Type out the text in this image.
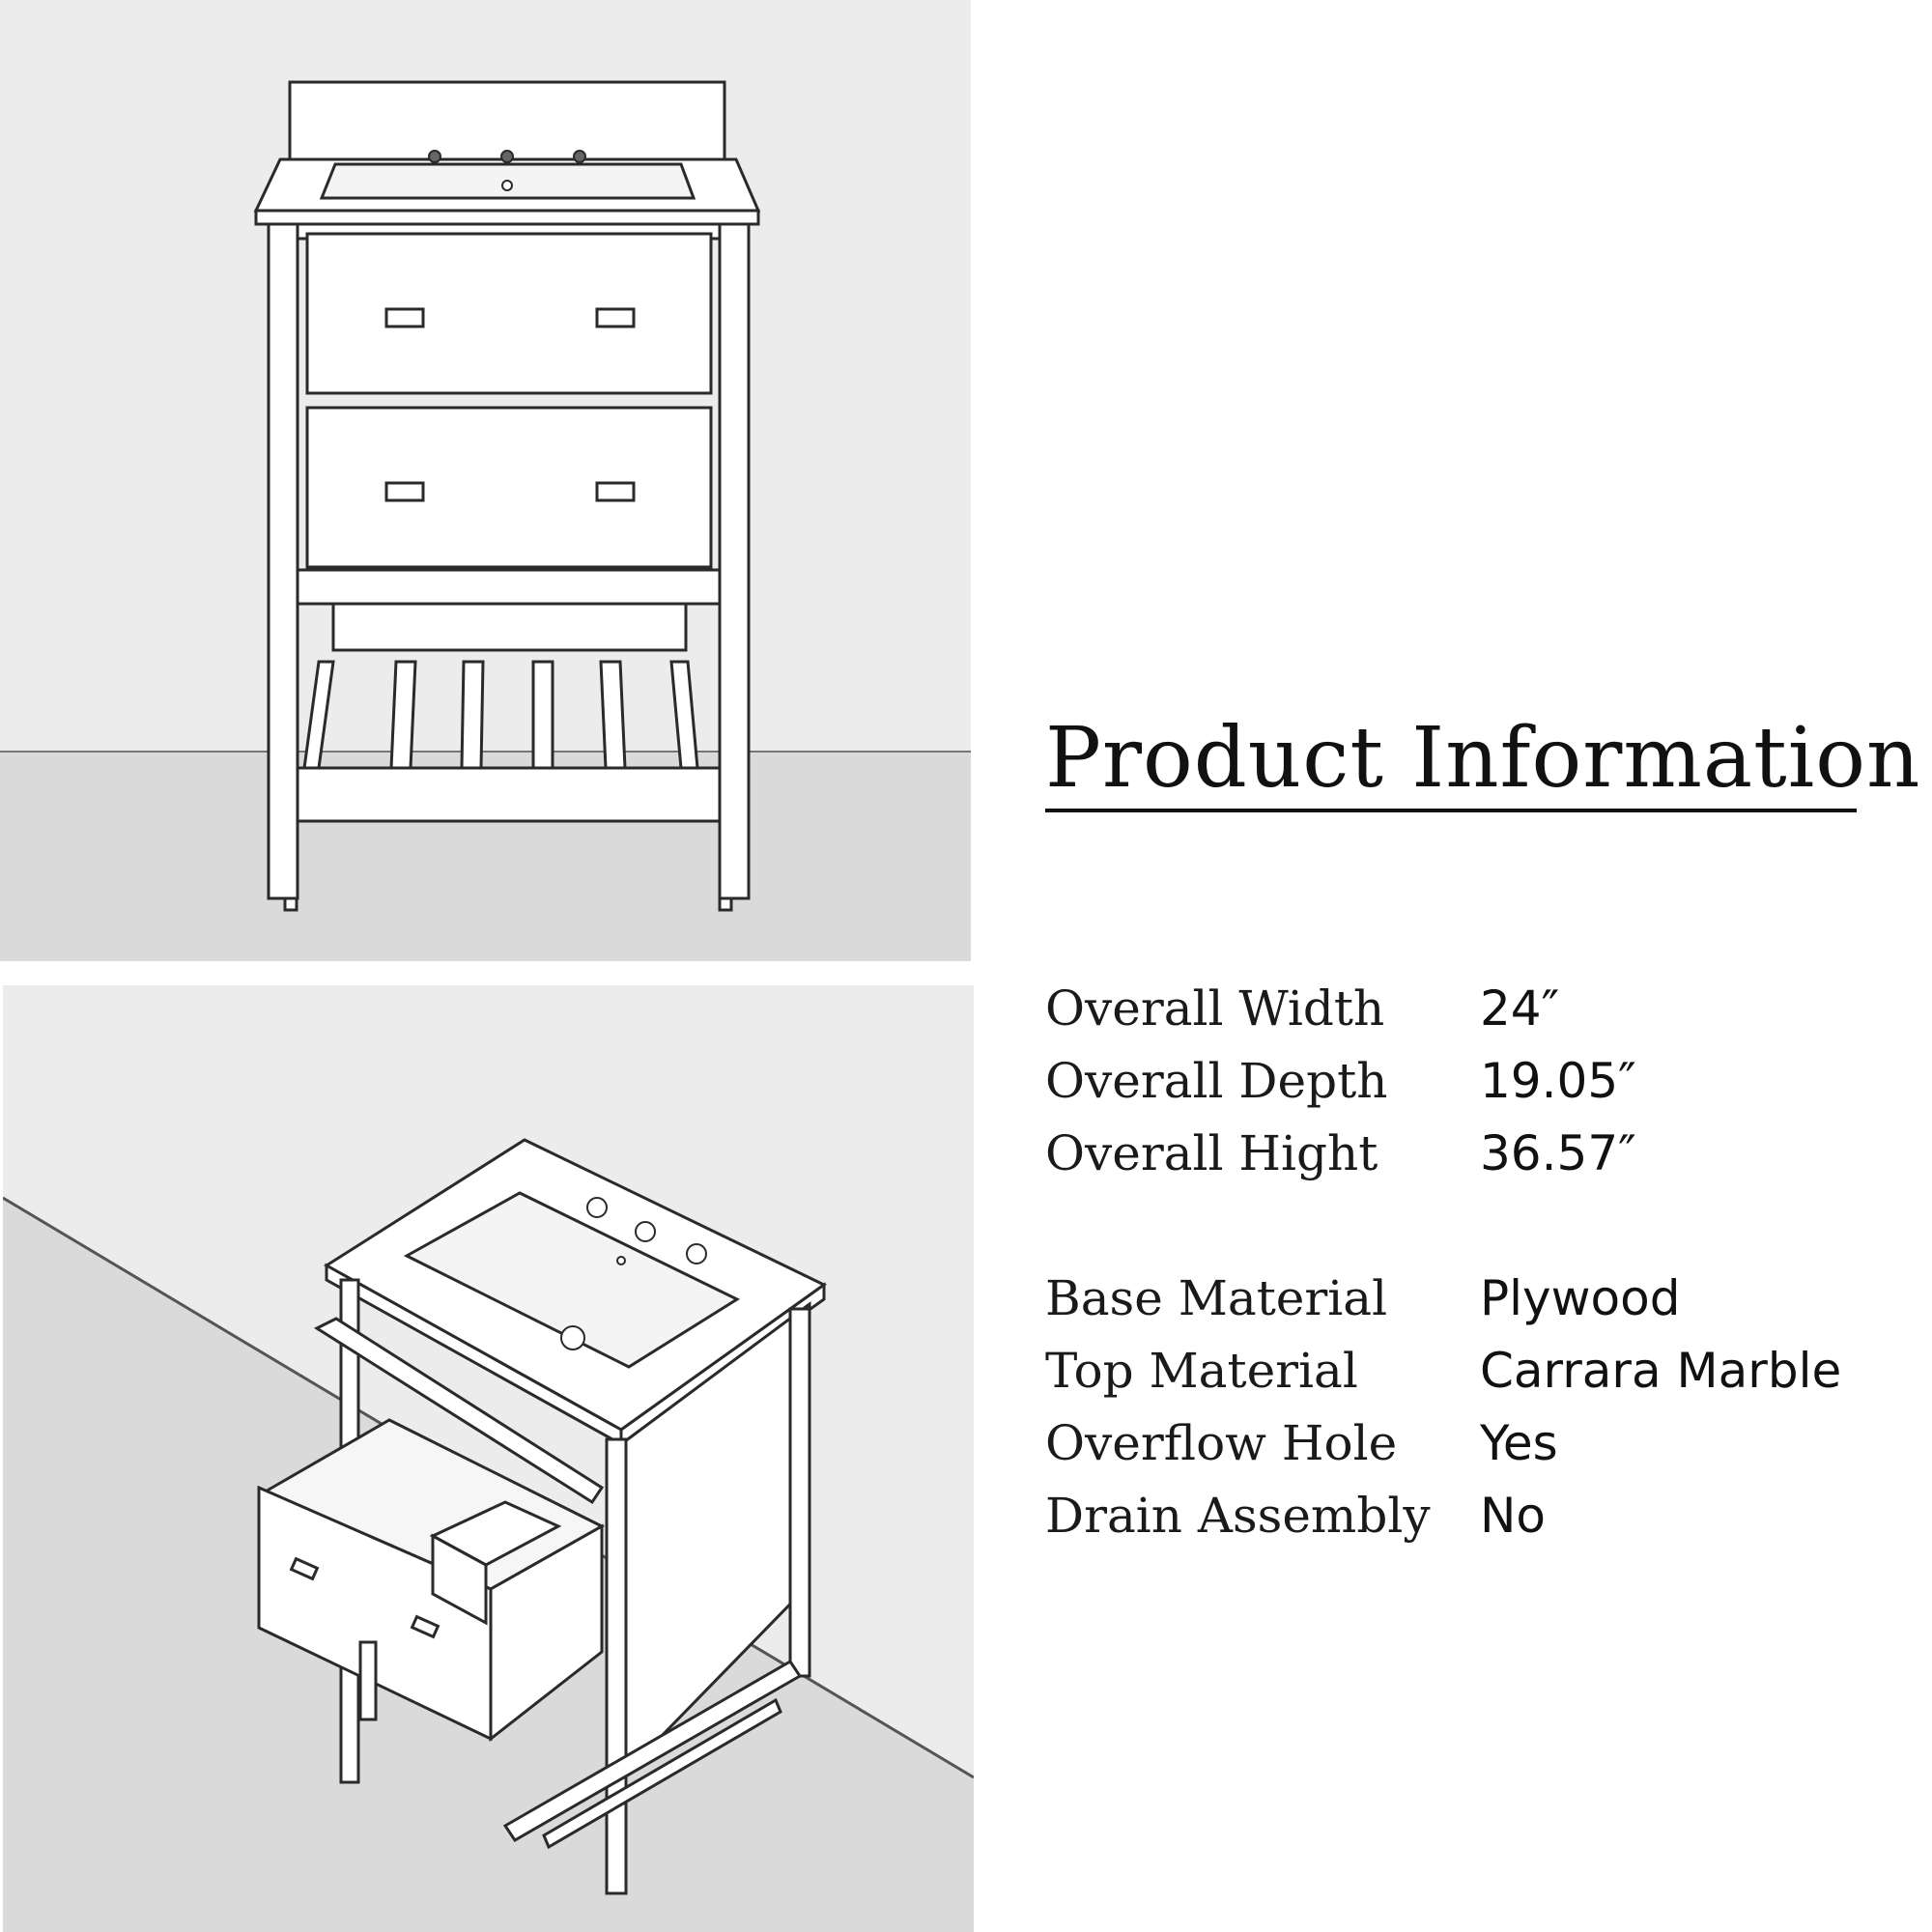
Product Information
Overall Width 24″
Overall Depth 19.05″
Overall Hight 36.57″
Base Material Plywood
Top Material	Carrara Marble
Overflow Hole Yes
Drain Assembly No
